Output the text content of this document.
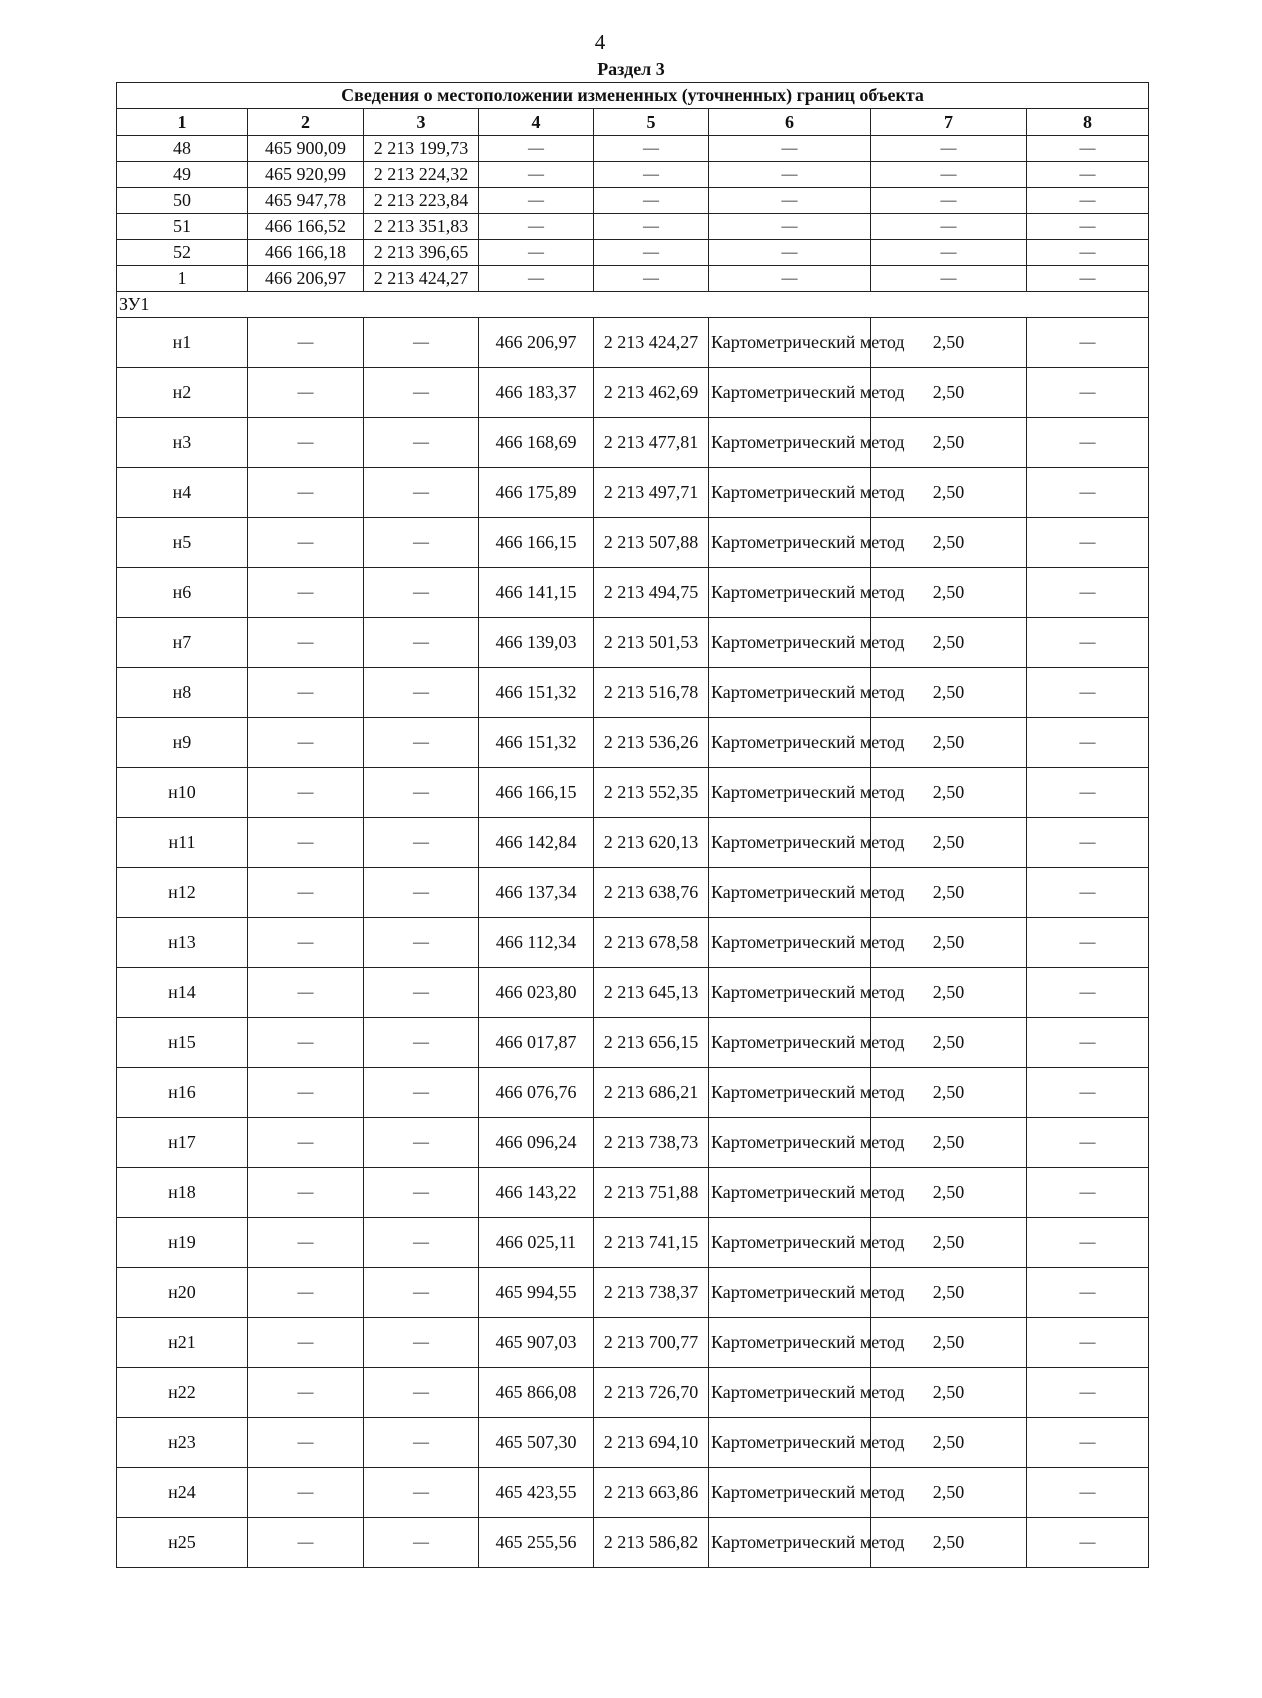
4
Раздел 3
Сведения о местоположении измененных (уточненных) границ объекта							
1	2	3	4	5	6	7	8
48	465 900,09	2 213 199,73	—	—	—	—	—
49	465 920,99	2 213 224,32	—	—	—	—	—
50	465 947,78	2 213 223,84	—	—	—	—	—
51	466 166,52	2 213 351,83	—	—	—	—	—
52	466 166,18	2 213 396,65	—	—	—	—	—
1	466 206,97	2 213 424,27	—	—	—	—	—
ЗУ1							
н1	—	—	466 206,97	2 213 424,27	Картометрический метод	2,50	—
н2	—	—	466 183,37	2 213 462,69	Картометрический метод	2,50	—
н3	—	—	466 168,69	2 213 477,81	Картометрический метод	2,50	—
н4	—	—	466 175,89	2 213 497,71	Картометрический метод	2,50	—
н5	—	—	466 166,15	2 213 507,88	Картометрический метод	2,50	—
н6	—	—	466 141,15	2 213 494,75	Картометрический метод	2,50	—
н7	—	—	466 139,03	2 213 501,53	Картометрический метод	2,50	—
н8	—	—	466 151,32	2 213 516,78	Картометрический метод	2,50	—
н9	—	—	466 151,32	2 213 536,26	Картометрический метод	2,50	—
н10	—	—	466 166,15	2 213 552,35	Картометрический метод	2,50	—
н11	—	—	466 142,84	2 213 620,13	Картометрический метод	2,50	—
н12	—	—	466 137,34	2 213 638,76	Картометрический метод	2,50	—
н13	—	—	466 112,34	2 213 678,58	Картометрический метод	2,50	—
н14	—	—	466 023,80	2 213 645,13	Картометрический метод	2,50	—
н15	—	—	466 017,87	2 213 656,15	Картометрический метод	2,50	—
н16	—	—	466 076,76	2 213 686,21	Картометрический метод	2,50	—
н17	—	—	466 096,24	2 213 738,73	Картометрический метод	2,50	—
н18	—	—	466 143,22	2 213 751,88	Картометрический метод	2,50	—
н19	—	—	466 025,11	2 213 741,15	Картометрический метод	2,50	—
н20	—	—	465 994,55	2 213 738,37	Картометрический метод	2,50	—
н21	—	—	465 907,03	2 213 700,77	Картометрический метод	2,50	—
н22	—	—	465 866,08	2 213 726,70	Картометрический метод	2,50	—
н23	—	—	465 507,30	2 213 694,10	Картометрический метод	2,50	—
н24	—	—	465 423,55	2 213 663,86	Картометрический метод	2,50	—
н25	—	—	465 255,56	2 213 586,82	Картометрический метод	2,50	—
